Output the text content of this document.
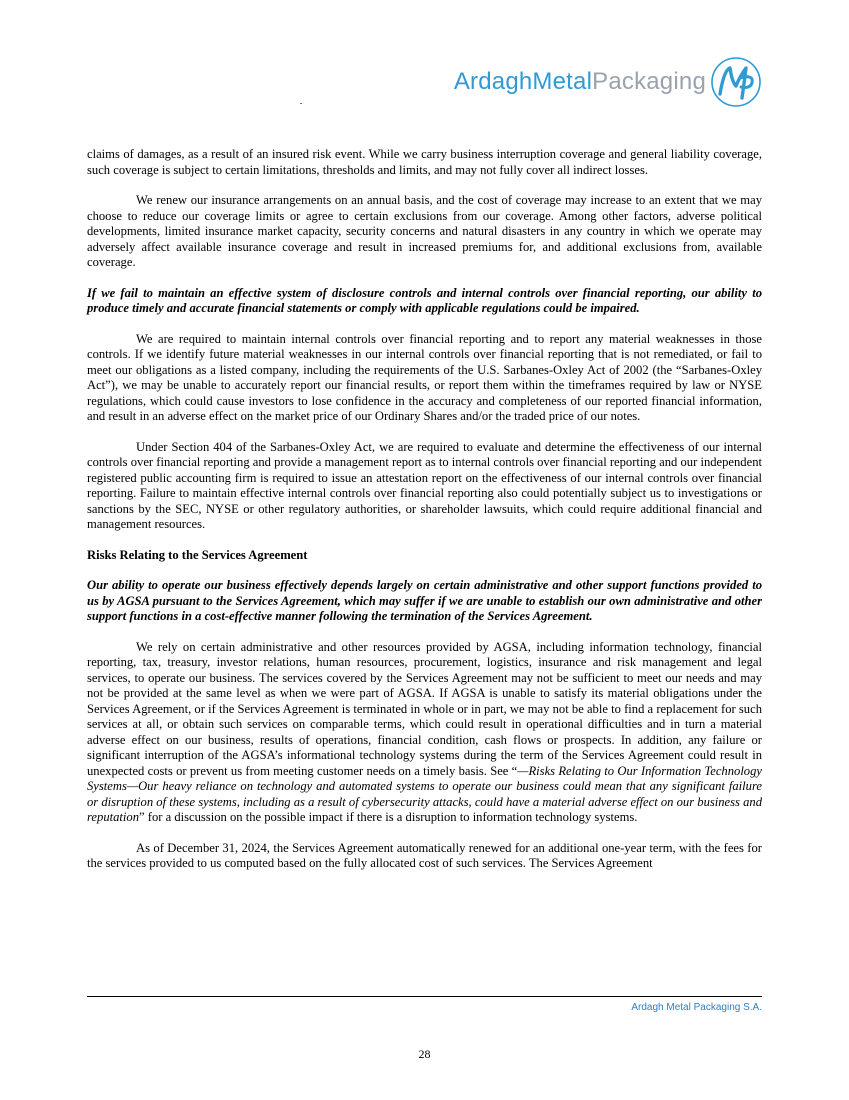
ArdaghMetalPackaging
MP

claims of damages, as a result of an insured risk event. While we carry business interruption coverage and general liability coverage, such coverage is subject to certain limitations, thresholds and limits, and may not fully cover all indirect losses.

We renew our insurance arrangements on an annual basis, and the cost of coverage may increase to an extent that we may choose to reduce our coverage limits or agree to certain exclusions from our coverage. Among other factors, adverse political developments, limited insurance market capacity, security concerns and natural disasters in any country in which we operate may adversely affect available insurance coverage and result in increased premiums for, and additional exclusions from, available coverage.

If we fail to maintain an effective system of disclosure controls and internal controls over financial reporting, our ability to produce timely and accurate financial statements or comply with applicable regulations could be impaired.

We are required to maintain internal controls over financial reporting and to report any material weaknesses in those controls. If we identify future material weaknesses in our internal controls over financial reporting that is not remediated, or fail to meet our obligations as a listed company, including the requirements of the U.S. Sarbanes-Oxley Act of 2002 (the “Sarbanes-Oxley Act”), we may be unable to accurately report our financial results, or report them within the timeframes required by law or NYSE regulations, which could cause investors to lose confidence in the accuracy and completeness of our reported financial information, and result in an adverse effect on the market price of our Ordinary Shares and/or the traded price of our notes.

Under Section 404 of the Sarbanes-Oxley Act, we are required to evaluate and determine the effectiveness of our internal controls over financial reporting and provide a management report as to internal controls over financial reporting and our independent registered public accounting firm is required to issue an attestation report on the effectiveness of our internal controls over financial reporting. Failure to maintain effective internal controls over financial reporting also could potentially subject us to investigations or sanctions by the SEC, NYSE or other regulatory authorities, or shareholder lawsuits, which could require additional financial and management resources.

Risks Relating to the Services Agreement

Our ability to operate our business effectively depends largely on certain administrative and other support functions provided to us by AGSA pursuant to the Services Agreement, which may suffer if we are unable to establish our own administrative and other support functions in a cost-effective manner following the termination of the Services Agreement.

We rely on certain administrative and other resources provided by AGSA, including information technology, financial reporting, tax, treasury, investor relations, human resources, procurement, logistics, insurance and risk management and legal services, to operate our business. The services covered by the Services Agreement may not be sufficient to meet our needs and may not be provided at the same level as when we were part of AGSA. If AGSA is unable to satisfy its material obligations under the Services Agreement, or if the Services Agreement is terminated in whole or in part, we may not be able to find a replacement for such services at all, or obtain such services on comparable terms, which could result in operational difficulties and in turn a material adverse effect on our business, results of operations, financial condition, cash flows or prospects. In addition, any failure or significant interruption of the AGSA’s informational technology systems during the term of the Services Agreement could result in unexpected costs or prevent us from meeting customer needs on a timely basis. See “—Risks Relating to Our Information Technology Systems—Our heavy reliance on technology and automated systems to operate our business could mean that any significant failure or disruption of these systems, including as a result of cybersecurity attacks, could have a material adverse effect on our business and reputation” for a discussion on the possible impact if there is a disruption to information technology systems.

As of December 31, 2024, the Services Agreement automatically renewed for an additional one-year term, with the fees for the services provided to us computed based on the fully allocated cost of such services. The Services Agreement

Ardagh Metal Packaging S.A.
28
